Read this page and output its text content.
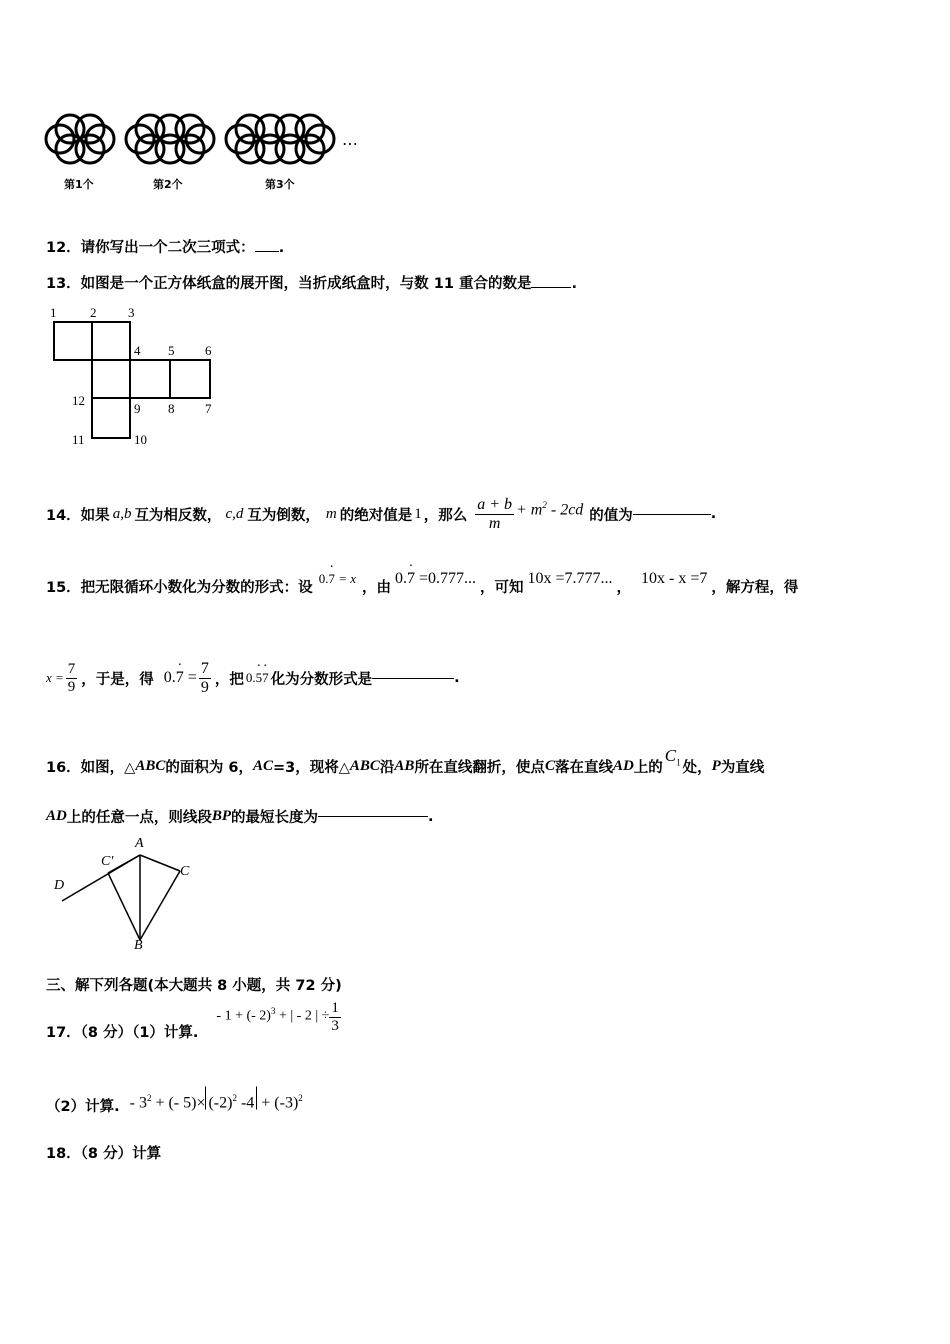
…
第1个	第2个	第3个
12．请你写出一个二次三项式： .
13．如图是一个正方体纸盒的展开图，当折成纸盒时，与数 11 重合的数是	.
1	2 3
4 5 6
12
9 8 7
11	10
14．如果 a,b 互为相反数， c,d 互为倒数， m 的绝对值是 1 ，那么 $\frac{a + b}{m} + m^2 - 2cd$ 的值为	.
15．把无限循环小数化为分数的形式：设
0.· 7 = x
，由
0.· 7 =0.777...
，可知
10x =7.777...
，
10x - x =7
，解方程，得
$x = \frac{7}{9}$ ，于是，得 $0.\cdot 7 = \frac{7}{9}$ ，把 0.· 5· 7 化为分数形式是	.
16．如图，△ ABC 的面积为 6， AC =3，现将△ ABC 沿 AB 所在直线翻折，使点 C 落在直线 AD 上的
$C_1$ 处， P 为直线
AD 上的任意一点，则线段 BP 的最短长度为	.
A
C′
C
D
B
三、解下列各题(本大题共 8 小题，共 72 分)
17．（8 分）（1）计算.
- 1 + (- 2)$^3$ + | - 2 | ÷ $\frac{1}{3}$
（2）计算. - $3^2$ + (- $5)\times (-2)^2$ $-4 + (-3)^2$
18．（8 分）计算
